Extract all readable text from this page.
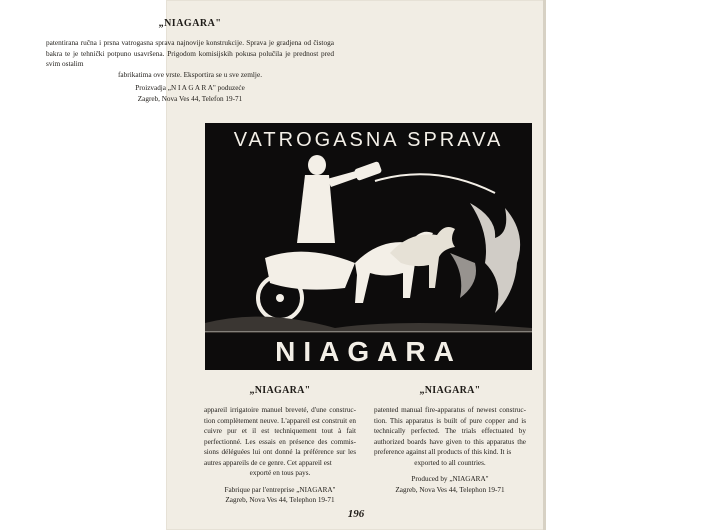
„NIAGARA"
patentirana ručna i prsna vatrogasna sprava najnovije konstrukcije. Sprava je gradjena od čistoga bakra te je tehnički potpuno usavršena. Prigodom komisijskih pokusa polučila je prednost pred svim ostalim
fabrikatima ove vrste. Eksportira se u sve zemlje.
Proizvadja „N I A G A R A" poduzeće
Zagreb, Nova Ves 44, Telefon 19-71
VATROGASNA SPRAVA
NIAGARA
„NIAGARA"
appareil irrigatoire manuel breveté, d'une construc- tion complètement neuve. L'appareil est construit en cuivre pur et il est techniquement tout à fait perfectionné. Les essais en présence des commis- sions déléguées lui ont donné la préférence sur les autres appareils de ce genre. Cet appareil est
exporté en tous pays.
Fabrique par l'entreprise „NIAGARA"
Zagreb, Nova Ves 44, Telephon 19-71
„NIAGARA"
patented manual fire-apparatus of newest construc- tion. This apparatus is built of pure copper and is technically perfected. The trials effectuated by authorized boards have given to this apparatus the preference against all products of this kind. It is
exported to all countries.
Produced by „NIAGARA"
Zagreb, Nova Ves 44, Telephon 19-71
196
